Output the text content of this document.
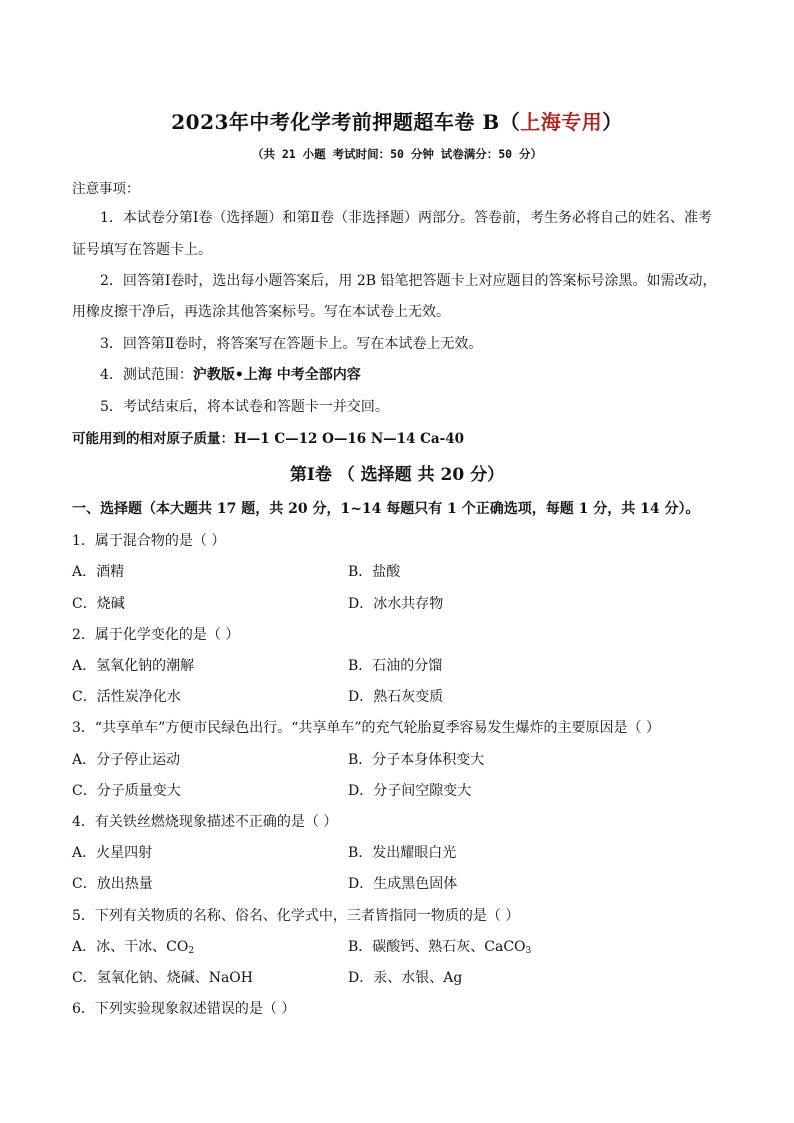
2023年中考化学考前押题超车卷 B（上海专用）
（共 21 小题 考试时间：50 分钟 试卷满分：50 分）
注意事项：
1．本试卷分第Ⅰ卷（选择题）和第Ⅱ卷（非选择题）两部分。答卷前，考生务必将自己的姓名、准考
证号填写在答题卡上。
2．回答第Ⅰ卷时，选出每小题答案后，用 2B 铅笔把答题卡上对应题目的答案标号涂黑。如需改动，
用橡皮擦干净后，再选涂其他答案标号。写在本试卷上无效。
3．回答第Ⅱ卷时，将答案写在答题卡上。写在本试卷上无效。
4．测试范围：沪教版•上海 中考全部内容
5．考试结束后，将本试卷和答题卡一并交回。
可能用到的相对原子质量：H—1 C—12 O—16 N—14 Ca-40
第Ⅰ卷 （ 选择题 共 20 分）
一、选择题（本大题共 17 题，共 20 分，1~14 每题只有 1 个正确选项，每题 1 分，共 14 分）。
1．属于混合物的是（ ）
A．酒精	B．盐酸
C．烧碱	D．冰水共存物
2．属于化学变化的是（ ）
A．氢氧化钠的潮解	B．石油的分馏
C．活性炭净化水	D．熟石灰变质
3．“共享单车”方便市民绿色出行。“共享单车”的充气轮胎夏季容易发生爆炸的主要原因是（ ）
A．分子停止运动	B．分子本身体积变大
C．分子质量变大	D．分子间空隙变大
4．有关铁丝燃烧现象描述不正确的是（ ）
A．火星四射	B．发出耀眼白光
C．放出热量	D．生成黑色固体
5．下列有关物质的名称、俗名、化学式中，三者皆指同一物质的是（ ）
A．冰、干冰、$CO_2$	B．碳酸钙、熟石灰、CaCO$_3$
C．氢氧化钠、烧碱、NaOH	D．汞、水银、Ag
6．下列实验现象叙述错误的是（ ）
